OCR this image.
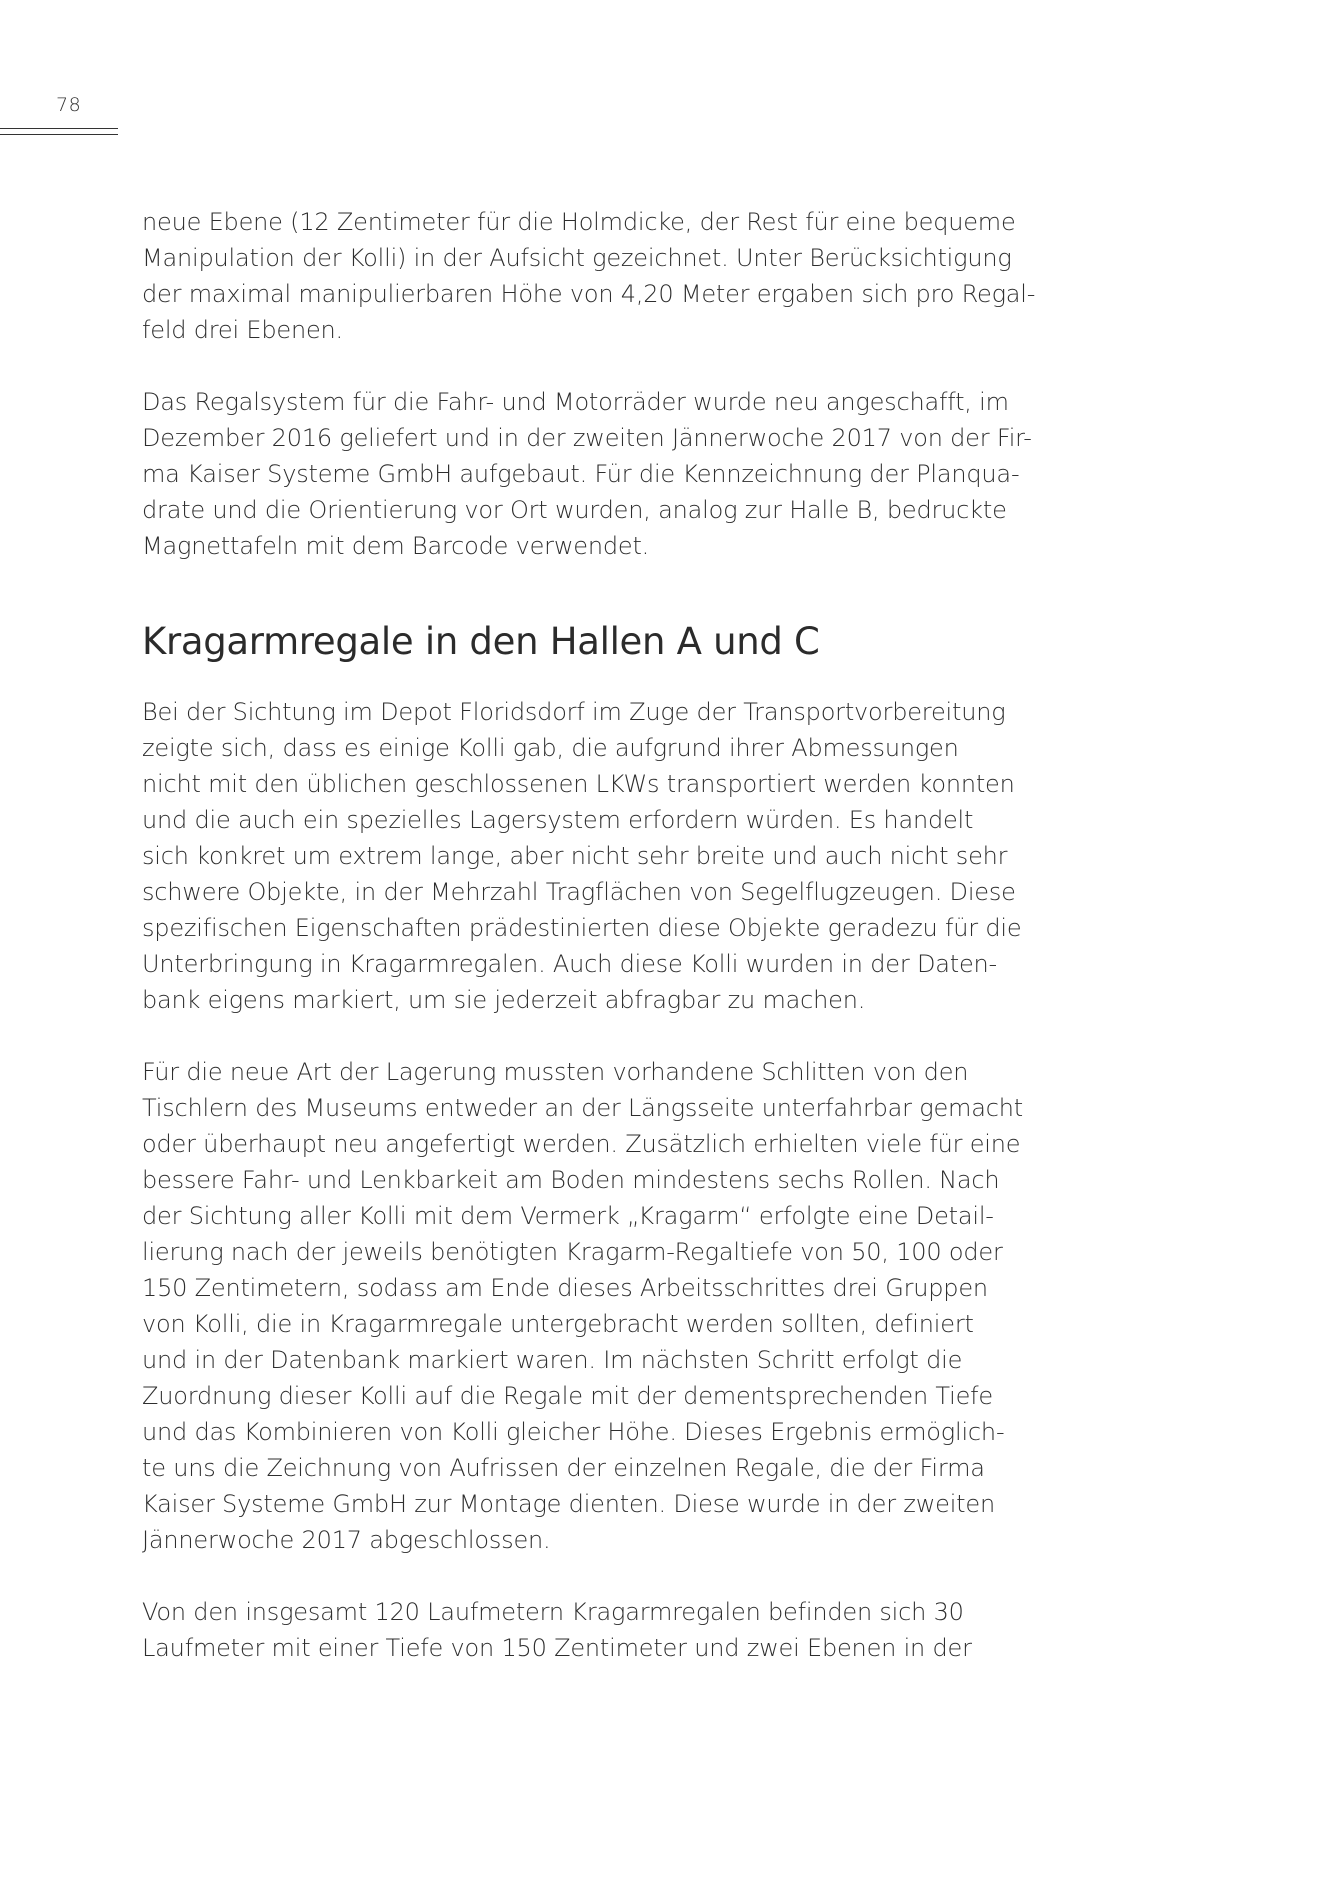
78

neue Ebene (12 Zentimeter für die Holmdicke, der Rest für eine bequeme
Manipulation der Kolli) in der Aufsicht gezeichnet. Unter Berücksichtigung
der maximal manipulierbaren Höhe von 4,20 Meter ergaben sich pro Regal-
feld drei Ebenen.

Das Regalsystem für die Fahr- und Motorräder wurde neu angeschafft, im
Dezember 2016 geliefert und in der zweiten Jännerwoche 2017 von der Fir-
ma Kaiser Systeme GmbH aufgebaut. Für die Kennzeichnung der Planqua-
drate und die Orientierung vor Ort wurden, analog zur Halle B, bedruckte
Magnettafeln mit dem Barcode verwendet.

Kragarmregale in den Hallen A und C

Bei der Sichtung im Depot Floridsdorf im Zuge der Transportvorbereitung
zeigte sich, dass es einige Kolli gab, die aufgrund ihrer Abmessungen
nicht mit den üblichen geschlossenen LKWs transportiert werden konnten
und die auch ein spezielles Lagersystem erfordern würden. Es handelt
sich konkret um extrem lange, aber nicht sehr breite und auch nicht sehr
schwere Objekte, in der Mehrzahl Tragflächen von Segelflugzeugen. Diese
spezifischen Eigenschaften prädestinierten diese Objekte geradezu für die
Unterbringung in Kragarmregalen. Auch diese Kolli wurden in der Daten-
bank eigens markiert, um sie jederzeit abfragbar zu machen.

Für die neue Art der Lagerung mussten vorhandene Schlitten von den
Tischlern des Museums entweder an der Längsseite unterfahrbar gemacht
oder überhaupt neu angefertigt werden. Zusätzlich erhielten viele für eine
bessere Fahr- und Lenkbarkeit am Boden mindestens sechs Rollen. Nach
der Sichtung aller Kolli mit dem Vermerk „Kragarm“ erfolgte eine Detail-
lierung nach der jeweils benötigten Kragarm-Regaltiefe von 50, 100 oder
150 Zentimetern, sodass am Ende dieses Arbeitsschrittes drei Gruppen
von Kolli, die in Kragarmregale untergebracht werden sollten, definiert
und in der Datenbank markiert waren. Im nächsten Schritt erfolgt die
Zuordnung dieser Kolli auf die Regale mit der dementsprechenden Tiefe
und das Kombinieren von Kolli gleicher Höhe. Dieses Ergebnis ermöglich-
te uns die Zeichnung von Aufrissen der einzelnen Regale, die der Firma
Kaiser Systeme GmbH zur Montage dienten. Diese wurde in der zweiten
Jännerwoche 2017 abgeschlossen.

Von den insgesamt 120 Laufmetern Kragarmregalen befinden sich 30
Laufmeter mit einer Tiefe von 150 Zentimeter und zwei Ebenen in der
